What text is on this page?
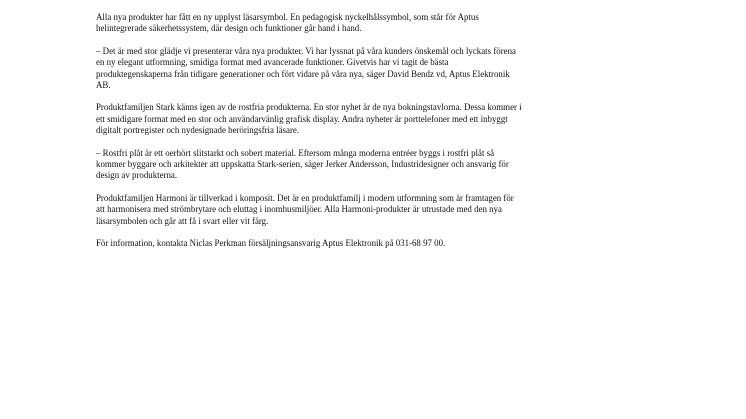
Alla nya produkter har fått en ny upplyst läsarsymbol. En pedagogisk nyckelhålssymbol, som står för Aptus
helintegrerade säkerhetssystem, där design och funktioner går hand i hand.

– Det är med stor glädje vi presenterar våra nya produkter. Vi har lyssnat på våra kunders önskemål och lyckats förena
en ny elegant utformning, smidiga format med avancerade funktioner. Givetvis har vi tagit de bästa
produktegenskaperna från tidigare generationer och fört vidare på våra nya, säger David Bendz vd, Aptus Elektronik
AB.

Produktfamiljen Stark känns igen av de rostfria produkterna. En stor nyhet är de nya bokningstavlorna. Dessa kommer i
ett smidigare format med en stor och användarvänlig grafisk display. Andra nyheter är porttelefoner med ett inbyggt
digitalt portregister och nydesignade beröringsfria läsare.

– Rostfri plåt är ett oerhört slitstarkt och sobert material. Eftersom många moderna entréer byggs i rostfri plåt så
kommer byggare och arkitekter att uppskatta Stark-serien, säger Jerker Andersson, Industridesigner och ansvarig för
design av produkterna.

Produktfamiljen Harmoni är tillverkad i komposit. Det är en produktfamilj i modern utformning som är framtagen för
att harmonisera med strömbrytare och eluttag i inomhusmiljöer. Alla Harmoni-produkter är utrustade med den nya
läsarsymbolen och går att få i svart eller vit färg.

För information, kontakta Niclas Perkman försäljningsansvarig Aptus Elektronik på 031-68 97 00.
